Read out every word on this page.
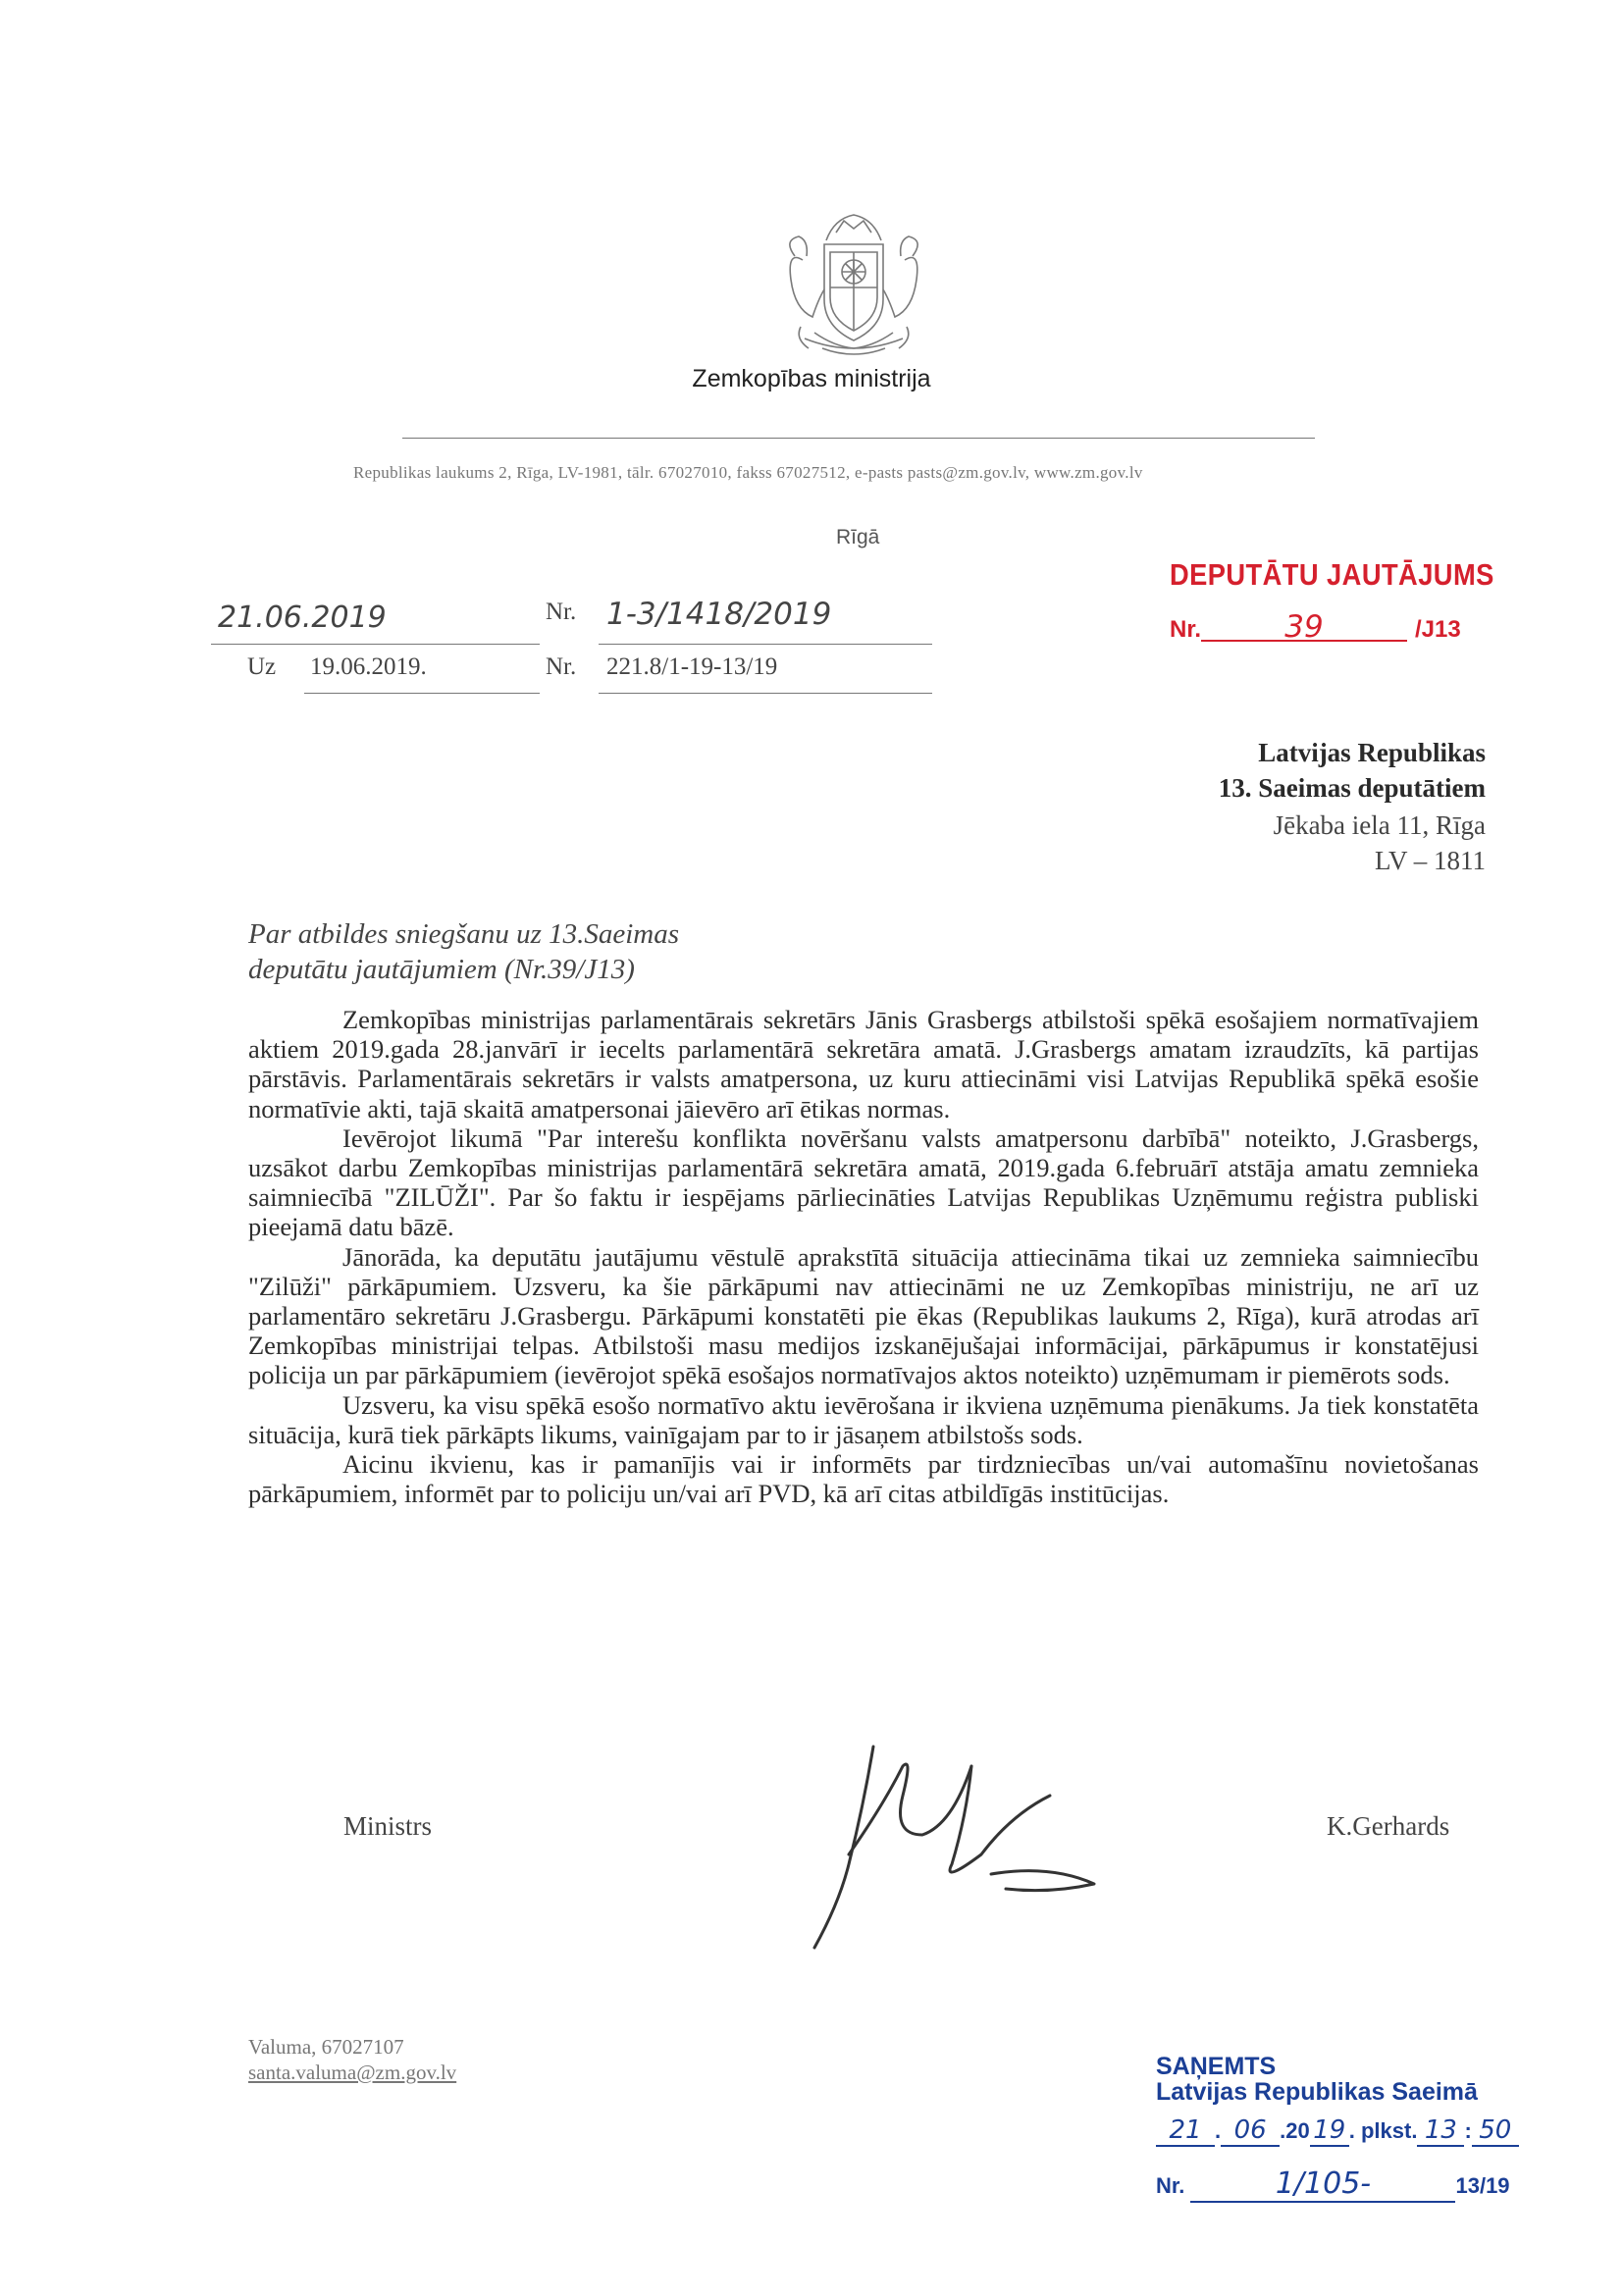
Zemkopības ministrija
Republikas laukums 2, Rīga, LV-1981, tālr. 67027010, fakss 67027512, e-pasts pasts@zm.gov.lv, www.zm.gov.lv
Rīgā
21.06.2019	Nr. 1-3/1418/2019
Uz 19.06.2019.	Nr. 221.8/1-19-13/19
DEPUTĀTU JAUTĀJUMS
Nr.	39	/J13
Latvijas Republikas
13. Saeimas deputātiem
Jēkaba iela 11, Rīga
LV – 1811
Par atbildes sniegšanu uz 13.Saeimas
deputātu jautājumiem (Nr.39/J13)

Zemkopības ministrijas parlamentārais sekretārs Jānis Grasbergs atbilstoši spēkā esošajiem normatīvajiem aktiem 2019.gada 28.janvārī ir iecelts parlamentārā sekretāra amatā. J.Grasbergs amatam izraudzīts, kā partijas pārstāvis. Parlamentārais sekretārs ir valsts amatpersona, uz kuru attiecināmi visi Latvijas Republikā spēkā esošie normatīvie akti, tajā skaitā amatpersonai jāievēro arī ētikas normas.

Ievērojot likumā "Par interešu konflikta novēršanu valsts amatpersonu darbībā" noteikto, J.Grasbergs, uzsākot darbu Zemkopības ministrijas parlamentārā sekretāra amatā, 2019.gada 6.februārī atstāja amatu zemnieka saimniecībā "ZILŪŽI". Par šo faktu ir iespējams pārliecināties Latvijas Republikas Uzņēmumu reģistra publiski pieejamā datu bāzē.

Jānorāda, ka deputātu jautājumu vēstulē aprakstītā situācija attiecināma tikai uz zemnieka saimniecību "Zilūži" pārkāpumiem. Uzsveru, ka šie pārkāpumi nav attiecināmi ne uz Zemkopības ministriju, ne arī uz parlamentāro sekretāru J.Grasbergu. Pārkāpumi konstatēti pie ēkas (Republikas laukums 2, Rīga), kurā atrodas arī Zemkopības ministrijai telpas. Atbilstoši masu medijos izskanējušajai informācijai, pārkāpumus ir konstatējusi policija un par pārkāpumiem (ievērojot spēkā esošajos normatīvajos aktos noteikto) uzņēmumam ir piemērots sods.

Uzsveru, ka visu spēkā esošo normatīvo aktu ievērošana ir ikviena uzņēmuma pienākums. Ja tiek konstatēta situācija, kurā tiek pārkāpts likums, vainīgajam par to ir jāsaņem atbilstošs sods.

Aicinu ikvienu, kas ir pamanījis vai ir informēts par tirdzniecības un/vai automašīnu novietošanas pārkāpumiem, informēt par to policiju un/vai arī PVD, kā arī citas atbildīgās institūcijas.

Ministrs	K.Gerhards
Valuma, 67027107
santa.valuma@zm.gov.lv	SAŅEMTS
Latvijas Republikas Saeimā
21 . 06 .20 19 . plkst. 13 : 50
Nr.	1/105-	13/19
